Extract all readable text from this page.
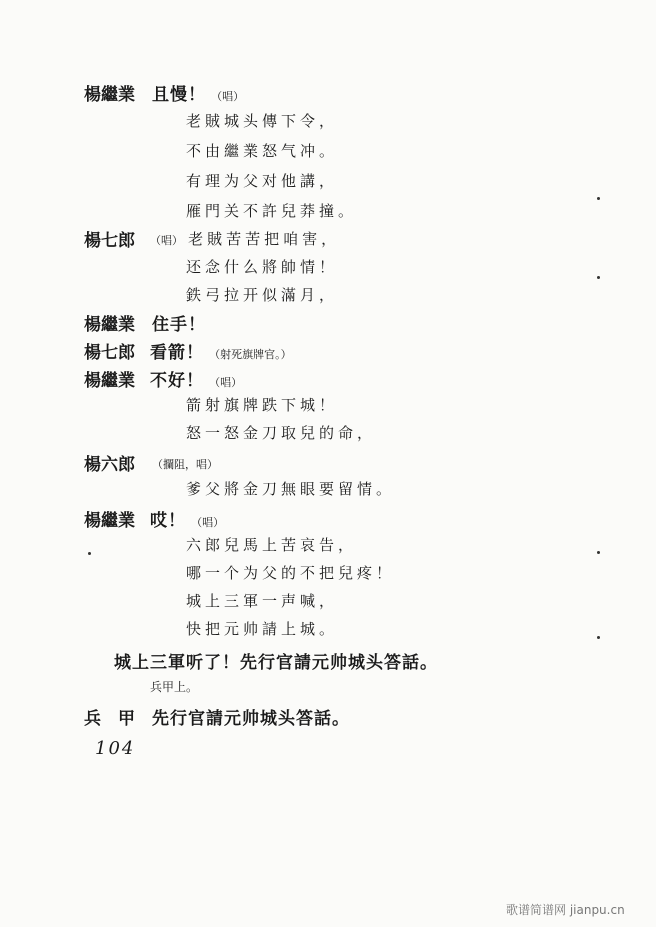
楊繼業 且慢！ （唱）
老賊城头傳下令，
不由繼業怒气冲。
有理为父对他講，
雁門关不許兒莽撞。
楊七郎 （唱） 老賊苦苦把咱害，
还念什么將帥情！
鉄弓拉开似滿月，
楊繼業 住手！
楊七郎 看箭！ （射死旗牌官。）
楊繼業 不好！ （唱）
箭射旗牌跌下城！
怒一怒金刀取兒的命，
楊六郎 （攔阻，唱）
爹父將金刀無眼要留情。
楊繼業 哎！ （唱）
六郎兒馬上苦哀告，
哪一个为父的不把兒疼！
城上三軍一声喊，
快把元帅請上城。
城上三軍听了！先行官請元帅城头答話。
兵甲上。
兵　甲 先行官請元帅城头答話。
104
歌谱简谱网 jianpu.cn
